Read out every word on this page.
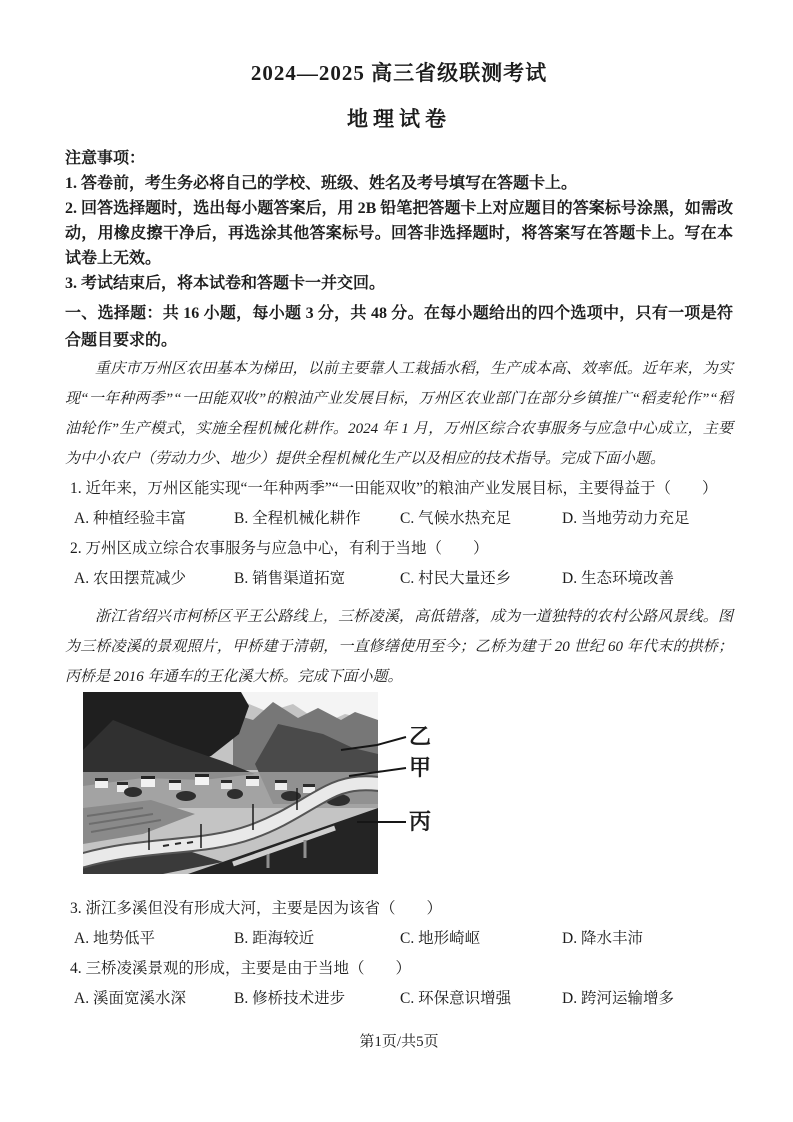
2024—2025 高三省级联测考试
地理试卷

注意事项：

1. 答卷前，考生务必将自己的学校、班级、姓名及考号填写在答题卡上。

2. 回答选择题时，选出每小题答案后，用 2B 铅笔把答题卡上对应题目的答案标号涂黑，如需改动，用橡皮擦干净后，再选涂其他答案标号。回答非选择题时，将答案写在答题卡上。写在本试卷上无效。

3. 考试结束后，将本试卷和答题卡一并交回。

一、选择题：共 16 小题，每小题 3 分，共 48 分。在每小题给出的四个选项中，只有一项是符合题目要求的。

重庆市万州区农田基本为梯田，以前主要靠人工栽插水稻，生产成本高、效率低。近年来，为实现“一年种两季”“一田能双收”的粮油产业发展目标，万州区农业部门在部分乡镇推广“稻麦轮作”“稻油轮作”生产模式，实施全程机械化耕作。2024 年 1 月，万州区综合农事服务与应急中心成立，主要为中小农户（劳动力少、地少）提供全程机械化生产以及相应的技术指导。完成下面小题。

1. 近年来，万州区能实现“一年种两季”“一田能双收”的粮油产业发展目标，主要得益于（　　）
A. 种植经验丰富	B. 全程机械化耕作	C. 气候水热充足	D. 当地劳动力充足
2. 万州区成立综合农事服务与应急中心，有利于当地（　　）
A. 农田摆荒减少	B. 销售渠道拓宽	C. 村民大量还乡	D. 生态环境改善

浙江省绍兴市柯桥区平王公路线上，三桥凌溪，高低错落，成为一道独特的农村公路风景线。图为三桥凌溪的景观照片，甲桥建于清朝，一直修缮使用至今；乙桥为建于 20 世纪 60 年代末的拱桥；丙桥是 2016 年通车的王化溪大桥。完成下面小题。

乙
甲
丙
3. 浙江多溪但没有形成大河，主要是因为该省（　　）
A. 地势低平	B. 距海较近	C. 地形崎岖	D. 降水丰沛
4. 三桥凌溪景观的形成，主要是由于当地（　　）
A. 溪面宽溪水深	B. 修桥技术进步	C. 环保意识增强	D. 跨河运输增多
第1页/共5页
